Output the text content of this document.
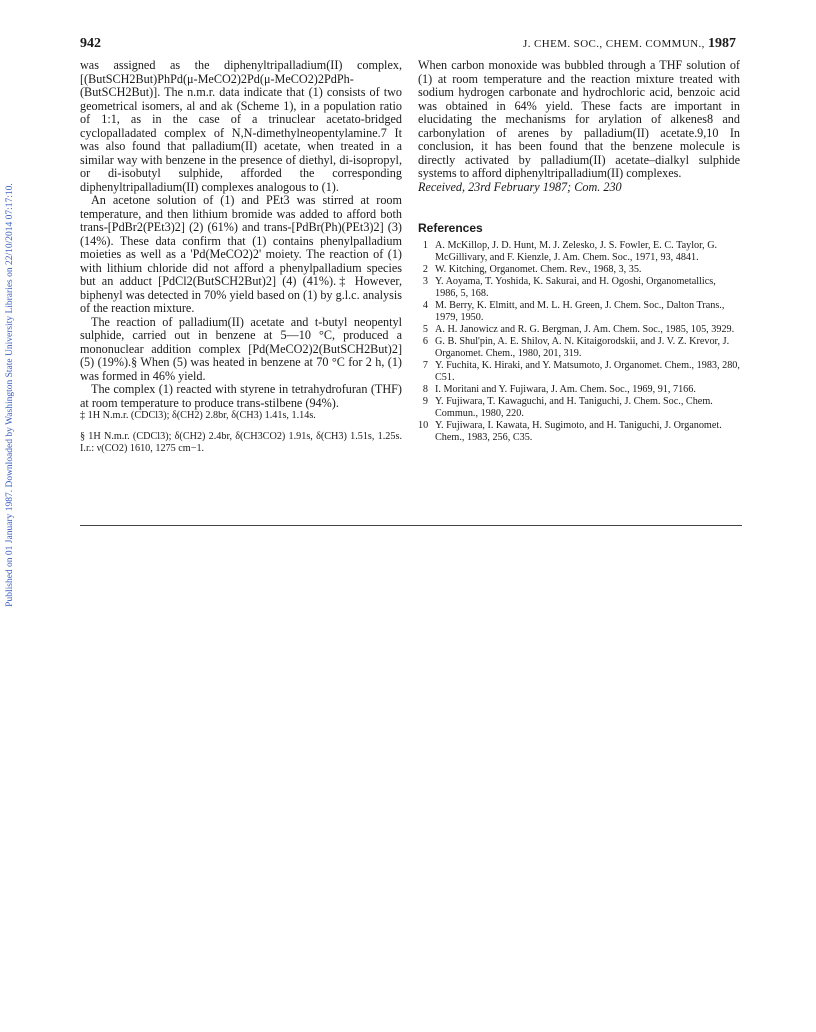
Published on 01 January 1987. Downloaded by Washington State University Libraries on 22/10/2014 07:17:10.
942	J. CHEM. SOC., CHEM. COMMUN., 1987

was assigned as the diphenyltripalladium(II) complex, [(ButSCH2But)PhPd(μ-MeCO2)2Pd(μ-MeCO2)2PdPh-(ButSCH2But)]. The n.m.r. data indicate that (1) consists of two geometrical isomers, al and ak (Scheme 1), in a population ratio of 1:1, as in the case of a trinuclear acetato-bridged cyclopalladated complex of N,N-dimethylneopentylamine.7 It was also found that palladium(II) acetate, when treated in a similar way with benzene in the presence of diethyl, di-isopropyl, or di-isobutyl sulphide, afforded the corresponding diphenyltripalladium(II) complexes analogous to (1).

An acetone solution of (1) and PEt3 was stirred at room temperature, and then lithium bromide was added to afford both trans-[PdBr2(PEt3)2] (2) (61%) and trans-[PdBr(Ph)(PEt3)2] (3) (14%). These data confirm that (1) contains phenylpalladium moieties as well as a 'Pd(MeCO2)2' moiety. The reaction of (1) with lithium chloride did not afford a phenylpalladium species but an adduct [PdCl2(ButSCH2But)2] (4) (41%).‡ However, biphenyl was detected in 70% yield based on (1) by g.l.c. analysis of the reaction mixture.

The reaction of palladium(II) acetate and t-butyl neopentyl sulphide, carried out in benzene at 5—10 °C, produced a mononuclear addition complex [Pd(MeCO2)2(ButSCH2But)2] (5) (19%).§ When (5) was heated in benzene at 70 °C for 2 h, (1) was formed in 46% yield.

The complex (1) reacted with styrene in tetrahydrofuran (THF) at room temperature to produce trans-stilbene (94%).

‡ 1H N.m.r. (CDCl3); δ(CH2) 2.8br, δ(CH3) 1.41s, 1.14s.

§ 1H N.m.r. (CDCl3); δ(CH2) 2.4br, δ(CH3CO2) 1.91s, δ(CH3) 1.51s, 1.25s. I.r.: ν(CO2) 1610, 1275 cm−1.

When carbon monoxide was bubbled through a THF solution of (1) at room temperature and the reaction mixture treated with sodium hydrogen carbonate and hydrochloric acid, benzoic acid was obtained in 64% yield. These facts are important in elucidating the mechanisms for arylation of alkenes8 and carbonylation of arenes by palladium(II) acetate.9,10 In conclusion, it has been found that the benzene molecule is directly activated by palladium(II) acetate–dialkyl sulphide systems to afford diphenyltripalladium(II) complexes.

Received, 23rd February 1987; Com. 230

References
1 A. McKillop, J. D. Hunt, M. J. Zelesko, J. S. Fowler, E. C. Taylor, G. McGillivary, and F. Kienzle, J. Am. Chem. Soc., 1971, 93, 4841.
2 W. Kitching, Organomet. Chem. Rev., 1968, 3, 35.
3 Y. Aoyama, T. Yoshida, K. Sakurai, and H. Ogoshi, Organometallics, 1986, 5, 168.
4 M. Berry, K. Elmitt, and M. L. H. Green, J. Chem. Soc., Dalton Trans., 1979, 1950.
5 A. H. Janowicz and R. G. Bergman, J. Am. Chem. Soc., 1985, 105, 3929.
6 G. B. Shul'pin, A. E. Shilov, A. N. Kitaigorodskii, and J. V. Z. Krevor, J. Organomet. Chem., 1980, 201, 319.
7 Y. Fuchita, K. Hiraki, and Y. Matsumoto, J. Organomet. Chem., 1983, 280, C51.
8 I. Moritani and Y. Fujiwara, J. Am. Chem. Soc., 1969, 91, 7166.
9 Y. Fujiwara, T. Kawaguchi, and H. Taniguchi, J. Chem. Soc., Chem. Commun., 1980, 220.
10 Y. Fujiwara, I. Kawata, H. Sugimoto, and H. Taniguchi, J. Organomet. Chem., 1983, 256, C35.
